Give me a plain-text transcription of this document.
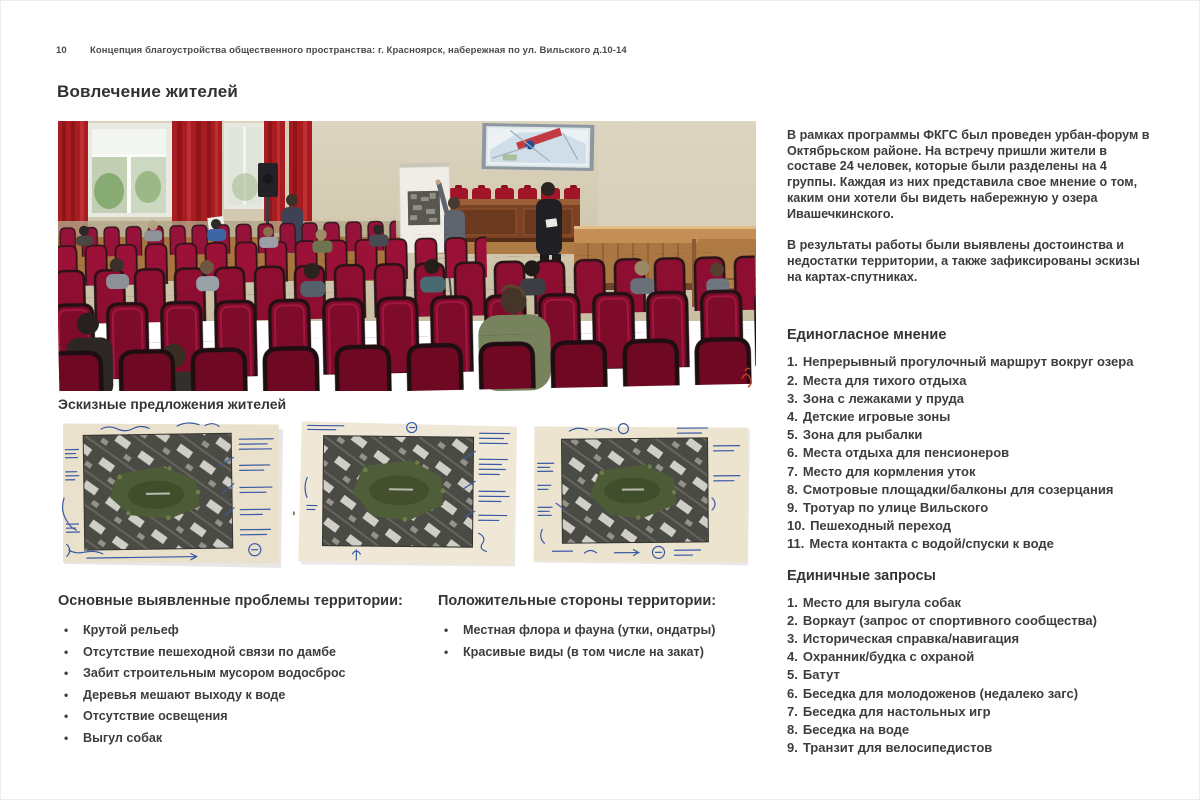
10 Концепция благоустройства общественного пространства: г. Красноярск, набережная по ул. Вильского д.10-14
Вовлечение жителей
Эскизные предложения жителей
Основные выявленные проблемы территории:
• Крутой рельеф
• Отсутствие пешеходной связи по дамбе
• Забит строительным мусором водосброс
• Деревья мешают выходу к воде
• Отсутствие освещения
• Выгул собак
Положительные стороны территории:
• Местная флора и фауна (утки, ондатры)
• Красивые виды (в том числе на закат)

В рамках программы ФКГС был проведен урбан-форум в Октябрьском районе. На встречу пришли жители в составе 24 человек, которые были разделены на 4 группы. Каждая из них представила свое мнение о том, каким они хотели бы видеть набережную у озера Ивашечкинского.

В результаты работы были выявлены достоинства и недостатки территории, а также зафиксированы эскизы на картах-спутниках.

Единогласное мнение
1. Непрерывный прогулочный маршрут вокруг озера
2. Места для тихого отдыха
3. Зона с лежаками у пруда
4. Детские игровые зоны
5. Зона для рыбалки
6. Места отдыха для пенсионеров
7. Место для кормления уток
8. Смотровые площадки/балконы для созерцания
9. Тротуар по улице Вильского
10. Пешеходный переход
11. Места контакта с водой/спуски к воде
Единичные запросы
1. Место для выгула собак
2. Воркаут (запрос от спортивного сообщества)
3. Историческая справка/навигация
4. Охранник/будка с охраной
5. Батут
6. Беседка для молодоженов (недалеко загс)
7. Беседка для настольных игр
8. Беседка на воде
9. Транзит для велосипедистов
